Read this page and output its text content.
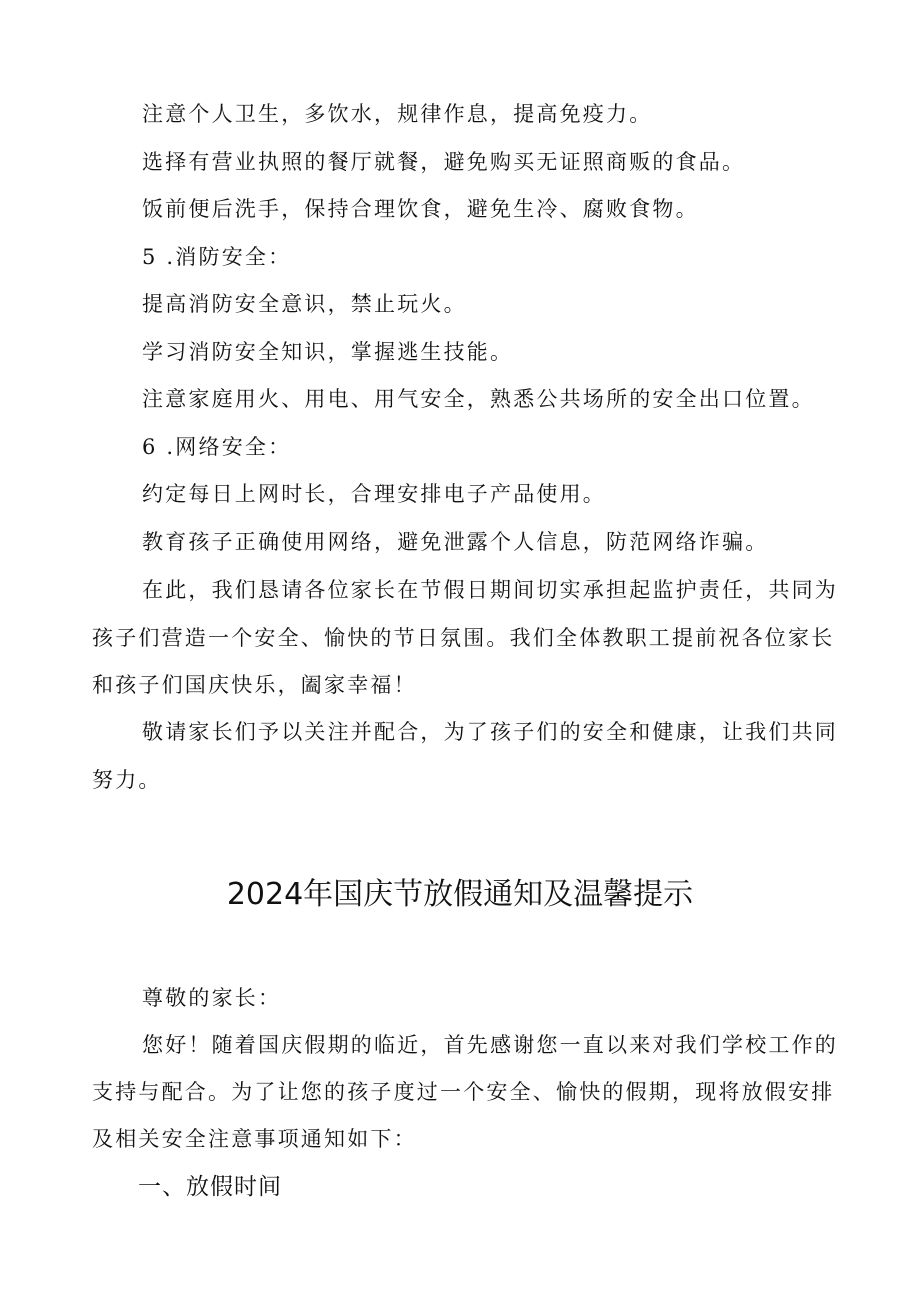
注意个人卫生，多饮水，规律作息，提高免疫力。
选择有营业执照的餐厅就餐，避免购买无证照商贩的食品。
饭前便后洗手，保持合理饮食，避免生冷、腐败食物。
5 .消防安全：
提高消防安全意识，禁止玩火。
学习消防安全知识，掌握逃生技能。
注意家庭用火、用电、用气安全，熟悉公共场所的安全出口位置。
6 .网络安全：
约定每日上网时长，合理安排电子产品使用。
教育孩子正确使用网络，避免泄露个人信息，防范网络诈骗。
在此，我们恳请各位家长在节假日期间切实承担起监护责任，共同为
孩子们营造一个安全、愉快的节日氛围。我们全体教职工提前祝各位家长
和孩子们国庆快乐，阖家幸福！
敬请家长们予以关注并配合，为了孩子们的安全和健康，让我们共同
努力。
2024年国庆节放假通知及温馨提示
尊敬的家长：
您好！随着国庆假期的临近，首先感谢您一直以来对我们学校工作的
支持与配合。为了让您的孩子度过一个安全、愉快的假期，现将放假安排
及相关安全注意事项通知如下：
一、放假时间
